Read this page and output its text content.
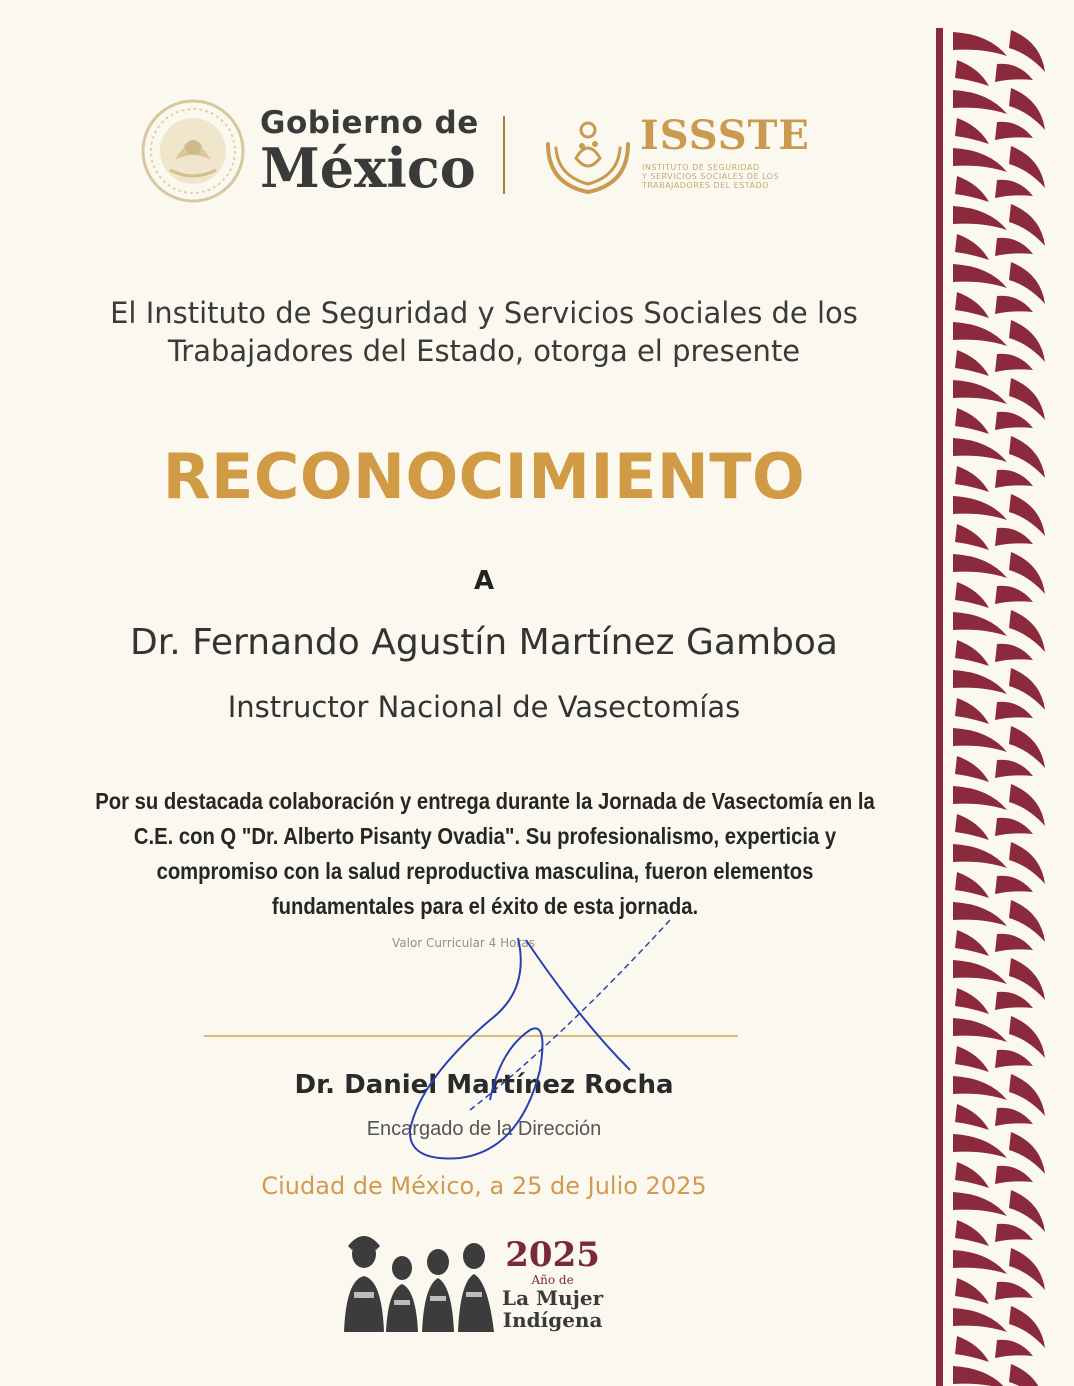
Gobierno de
México
ISSSTE
INSTITUTO DE SEGURIDAD
Y SERVICIOS SOCIALES DE LOS
TRABAJADORES DEL ESTADO
El Instituto de Seguridad y Servicios Sociales de los
Trabajadores del Estado, otorga el presente
RECONOCIMIENTO
A
Dr. Fernando Agustín Martínez Gamboa
Instructor Nacional de Vasectomías
Por su destacada colaboración y entrega durante la Jornada de Vasectomía en la
C.E. con Q "Dr. Alberto Pisanty Ovadia". Su profesionalismo, experticia y
compromiso con la salud reproductiva masculina, fueron elementos
fundamentales para el éxito de esta jornada.
Valor Curricular 4 Horas
Dr. Daniel Martínez Rocha
Encargado de la Dirección
Ciudad de México, a 25 de Julio 2025
2025
Año de
La Mujer
Indígena
